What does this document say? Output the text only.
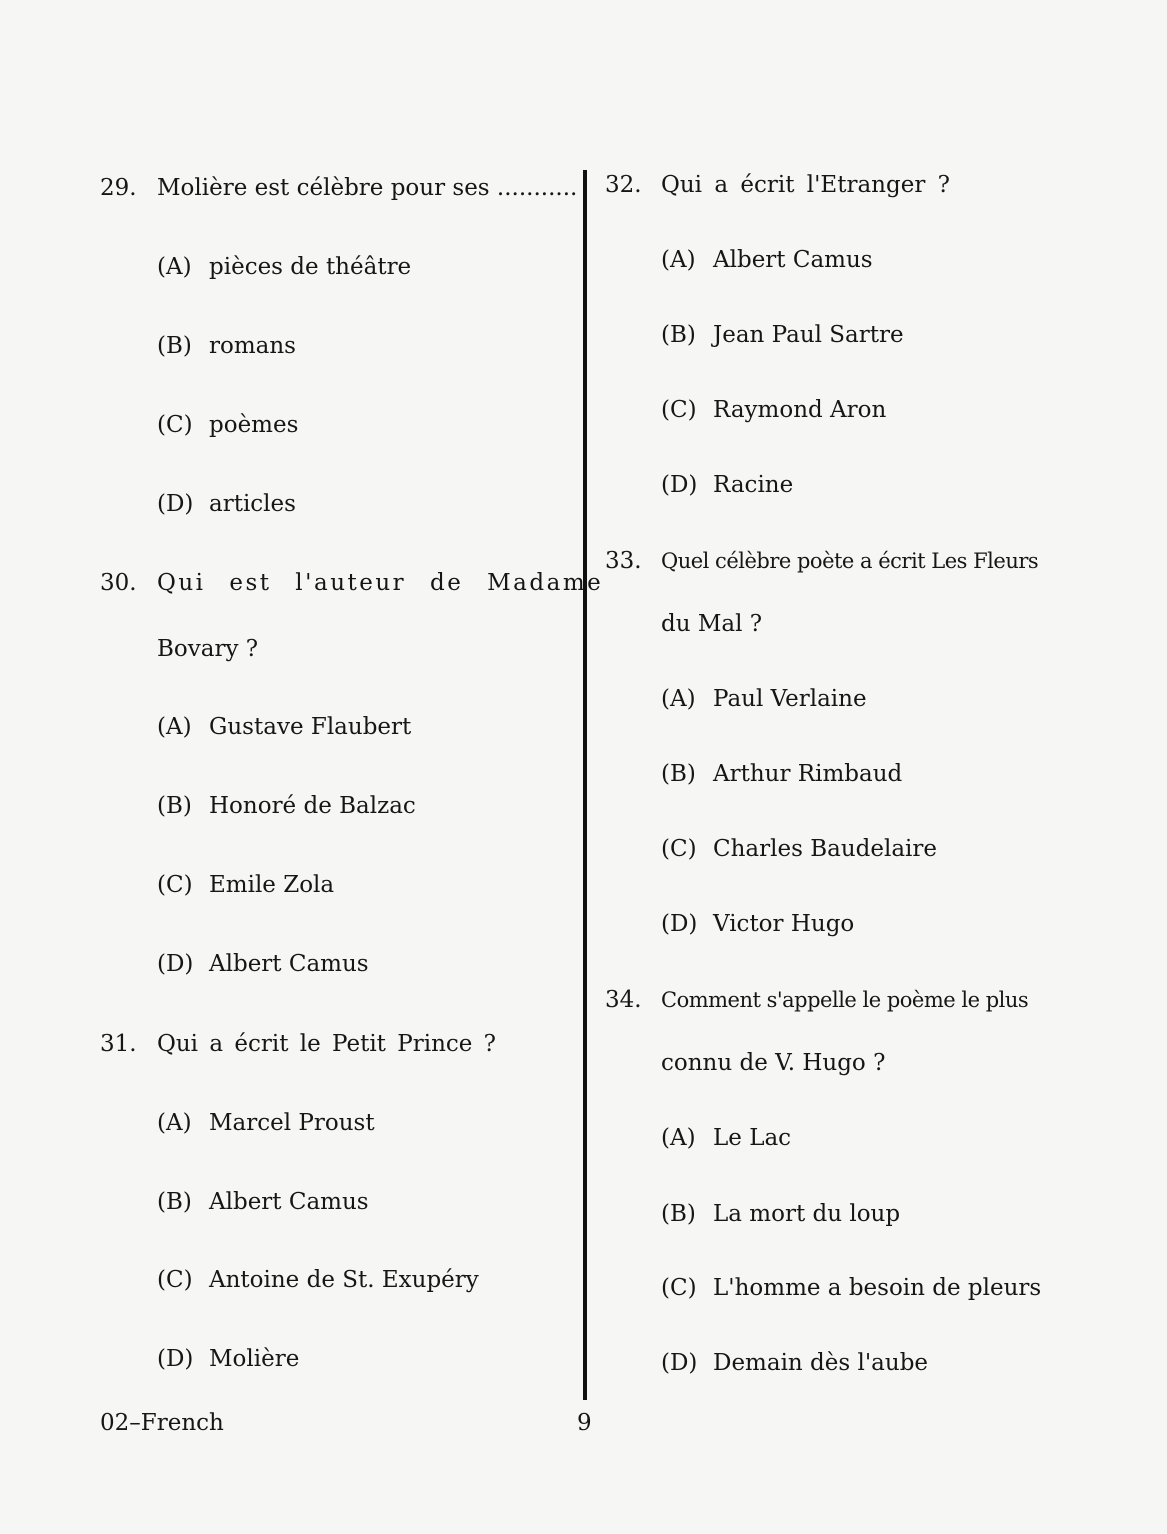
29. Molière est célèbre pour ses ...........
(A) pièces de théâtre
(B) romans
(C) poèmes
(D) articles
30. Qui est l'auteur de Madame
Bovary ?
(A) Gustave Flaubert
(B) Honoré de Balzac
(C) Emile Zola
(D) Albert Camus
31. Qui a écrit le Petit Prince ?
(A) Marcel Proust
(B) Albert Camus
(C) Antoine de St. Exupéry
(D) Molière
32. Qui a écrit l'Etranger ?
(A) Albert Camus
(B) Jean Paul Sartre
(C) Raymond Aron
(D) Racine
33. Quel célèbre poète a écrit Les Fleurs
du Mal ?
(A) Paul Verlaine
(B) Arthur Rimbaud
(C) Charles Baudelaire
(D) Victor Hugo
34. Comment s'appelle le poème le plus
connu de V. Hugo ?
(A) Le Lac
(B) La mort du loup
(C) L'homme a besoin de pleurs
(D) Demain dès l'aube
02–French	9
